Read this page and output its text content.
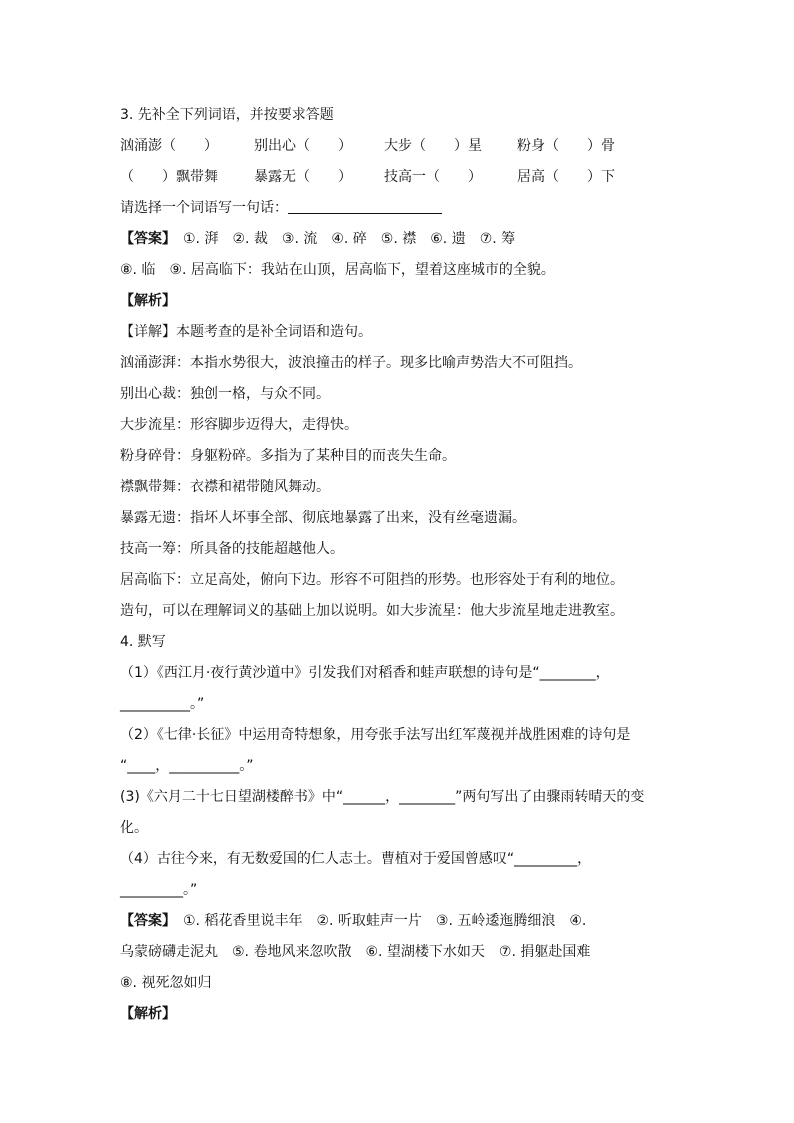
3. 先补全下列词语，并按要求答题
汹涌澎（　　）	别出心（　　） 大步（　　）星	粉身（　　）骨
（　　）飘带舞	暴露无（　　） 技高一（　　）	居高（　　）下
请选择一个词语写一句话：
【答案】　 ①. 湃　②. 裁　③. 流　④. 碎　⑤. 襟　⑥. 遗　⑦. 筹
⑧. 临　⑨. 居高临下：我站在山顶，居高临下，望着这座城市的全貌。
【解析】
【详解】本题考查的是补全词语和造句。
汹涌澎湃：本指水势很大，波浪撞击的样子。现多比喻声势浩大不可阻挡。
别出心裁：独创一格，与众不同。
大步流星：形容脚步迈得大，走得快。
粉身碎骨：身躯粉碎。多指为了某种目的而丧失生命。
襟飘带舞：衣襟和裙带随风舞动。
暴露无遗：指坏人坏事全部、彻底地暴露了出来，没有丝毫遗漏。
技高一筹：所具备的技能超越他人。
居高临下：立足高处，俯向下边。形容不可阻挡的形势。也形容处于有利的地位。
造句，可以在理解词义的基础上加以说明。如大步流星：他大步流星地走进教室。
4. 默写
（1）《西江月·夜行黄沙道中》引发我们对稻香和蛙声联想的诗句是“________，
__________。”
（2）《七律·长征》中运用奇特想象，用夸张手法写出红军蔑视并战胜困难的诗句是
“____，__________。”
(3)《六月二十七日望湖楼醉书》中“______，________”两句写出了由骤雨转晴天的变
化。
（4）古往今来，有无数爱国的仁人志士。曹植对于爱国曾感叹“_________，
_________。”
【答案】　 ①. 稻花香里说丰年　②. 听取蛙声一片　③. 五岭逶迤腾细浪　④.
乌蒙磅礴走泥丸　⑤. 卷地风来忽吹散　⑥. 望湖楼下水如天　⑦. 捐躯赴国难
⑧. 视死忽如归
【解析】
